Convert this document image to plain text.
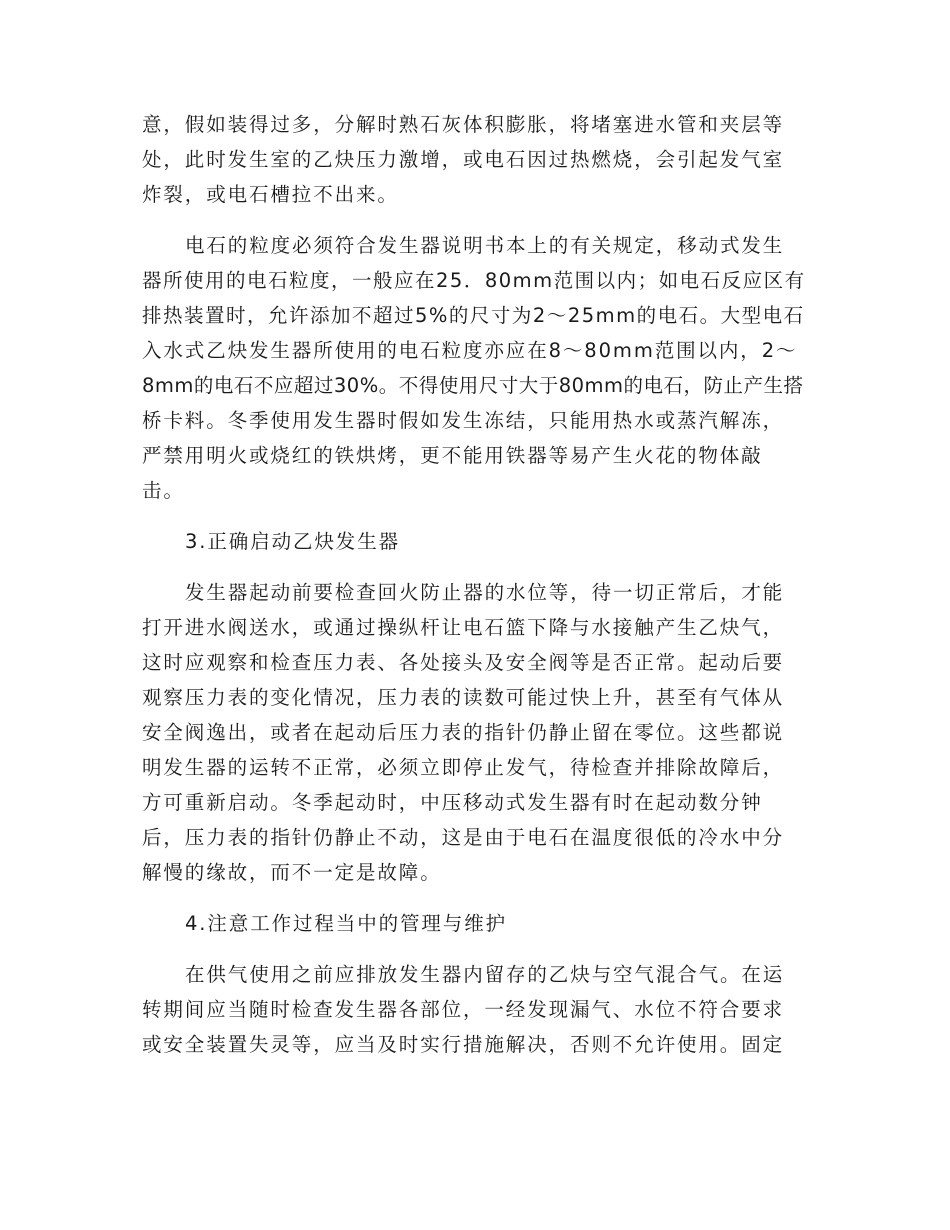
意，假如装得过多，分解时熟石灰体积膨胀，将堵塞进水管和夹层等
处，此时发生室的乙炔压力激增，或电石因过热燃烧，会引起发气室
炸裂，或电石槽拉不出来。
电石的粒度必须符合发生器说明书本上的有关规定，移动式发生
器所使用的电石粒度，一般应在25．80mm范围以内；如电石反应区有
排热装置时，允许添加不超过5%的尺寸为2～25mm的电石。大型电石
入水式乙炔发生器所使用的电石粒度亦应在8～80mm范围以内，2～
8mm的电石不应超过30%。不得使用尺寸大于80mm的电石，防止产生搭
桥卡料。冬季使用发生器时假如发生冻结，只能用热水或蒸汽解冻，
严禁用明火或烧红的铁烘烤，更不能用铁器等易产生火花的物体敲
击。
3.正确启动乙炔发生器
发生器起动前要检查回火防止器的水位等，待一切正常后，才能
打开进水阀送水，或通过操纵杆让电石篮下降与水接触产生乙炔气，
这时应观察和检查压力表、各处接头及安全阀等是否正常。起动后要
观察压力表的变化情况，压力表的读数可能过快上升，甚至有气体从
安全阀逸出，或者在起动后压力表的指针仍静止留在零位。这些都说
明发生器的运转不正常，必须立即停止发气，待检查并排除故障后，
方可重新启动。冬季起动时，中压移动式发生器有时在起动数分钟
后，压力表的指针仍静止不动，这是由于电石在温度很低的冷水中分
解慢的缘故，而不一定是故障。
4.注意工作过程当中的管理与维护
在供气使用之前应排放发生器内留存的乙炔与空气混合气。在运
转期间应当随时检查发生器各部位，一经发现漏气、水位不符合要求
或安全装置失灵等，应当及时实行措施解决，否则不允许使用。固定
